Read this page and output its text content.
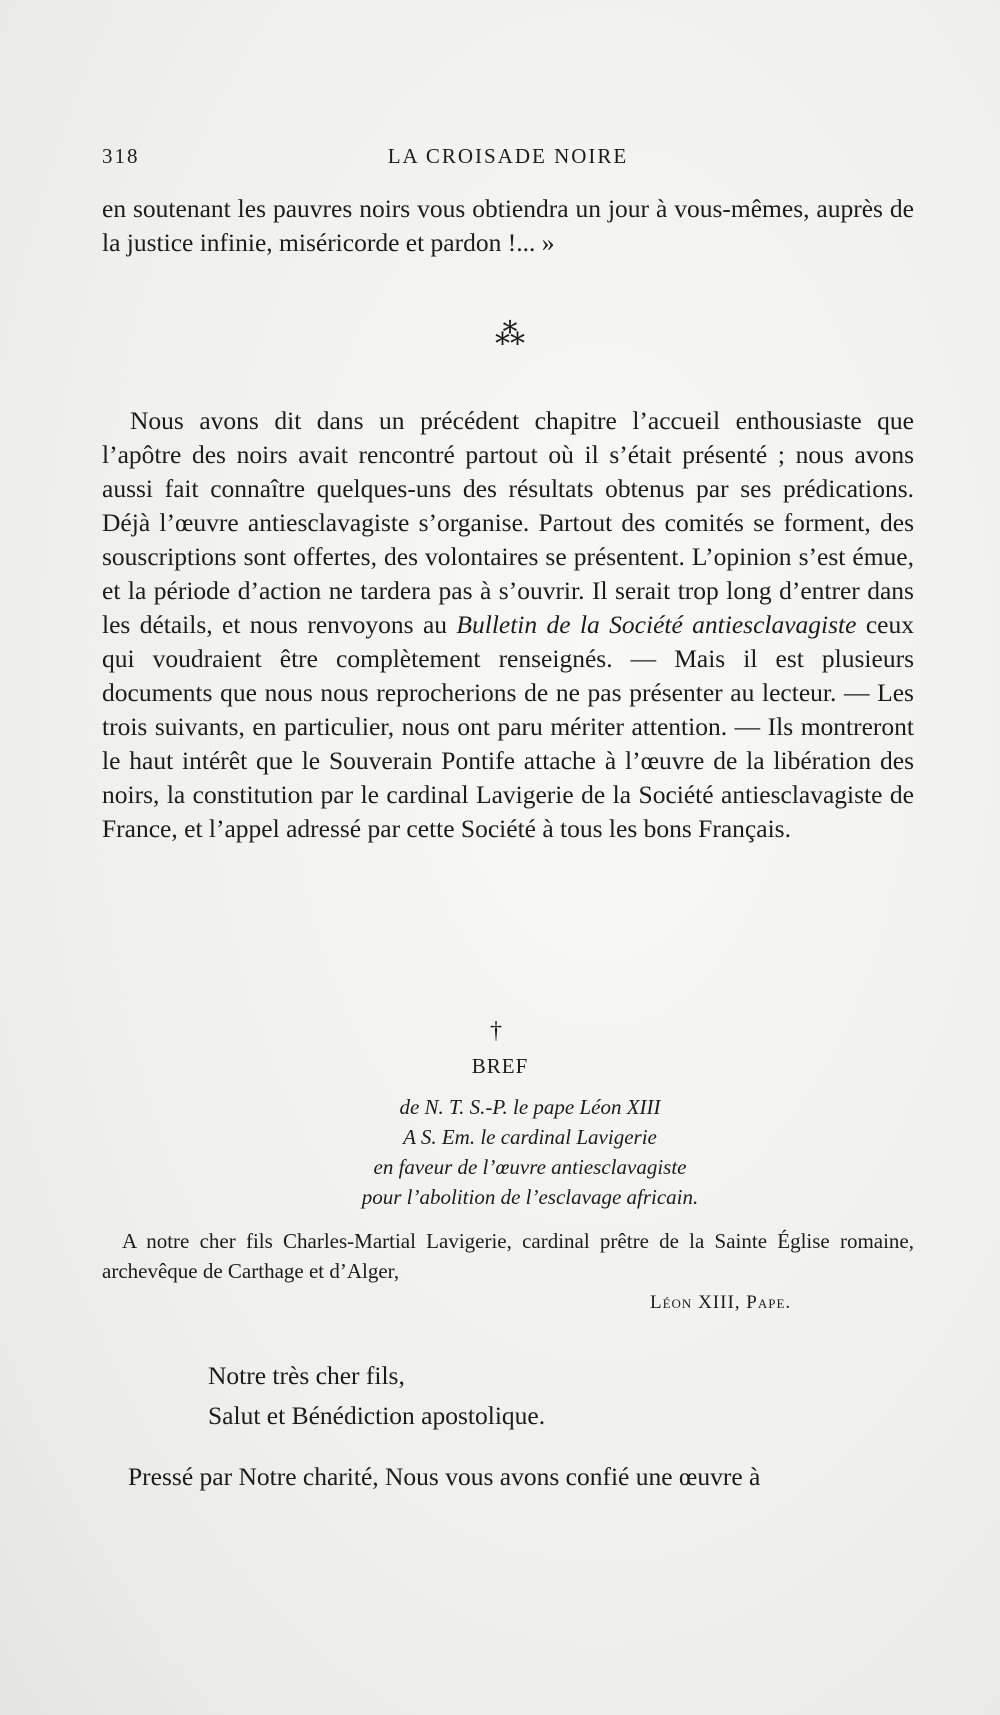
318	LA CROISADE NOIRE

en soutenant les pauvres noirs vous obtiendra un jour à vous-mêmes, auprès de la justice infinie, miséricorde et pardon !... »

⁂

Nous avons dit dans un précédent chapitre l’accueil enthousiaste que l’apôtre des noirs avait rencontré partout où il s’était présenté ; nous avons aussi fait connaître quelques-uns des résultats obtenus par ses prédications. Déjà l’œuvre antiesclavagiste s’organise. Partout des comités se forment, des souscriptions sont offertes, des volontaires se présentent. L’opinion s’est émue, et la période d’action ne tardera pas à s’ouvrir. Il serait trop long d’entrer dans les détails, et nous renvoyons au Bulletin de la Société antiesclavagiste ceux qui voudraient être complètement renseignés. — Mais il est plusieurs documents que nous nous reprocherions de ne pas présenter au lecteur. — Les trois suivants, en particulier, nous ont paru mériter attention. — Ils montreront le haut intérêt que le Souverain Pontife attache à l’œuvre de la libération des noirs, la constitution par le cardinal Lavigerie de la Société antiesclavagiste de France, et l’appel adressé par cette Société à tous les bons Français.

†
BREF
de N. T. S.-P. le pape Léon XIII
A S. Em. le cardinal Lavigerie
en faveur de l’œuvre antiesclavagiste
pour l’abolition de l’esclavage africain.
A notre cher fils Charles-Martial Lavigerie, cardinal prêtre de la Sainte Église romaine, archevêque de Carthage et d’Alger,
Léon XIII, Pape.
Notre très cher fils,
Salut et Bénédiction apostolique.
Pressé par Notre charité, Nous vous avons confié une œuvre à
